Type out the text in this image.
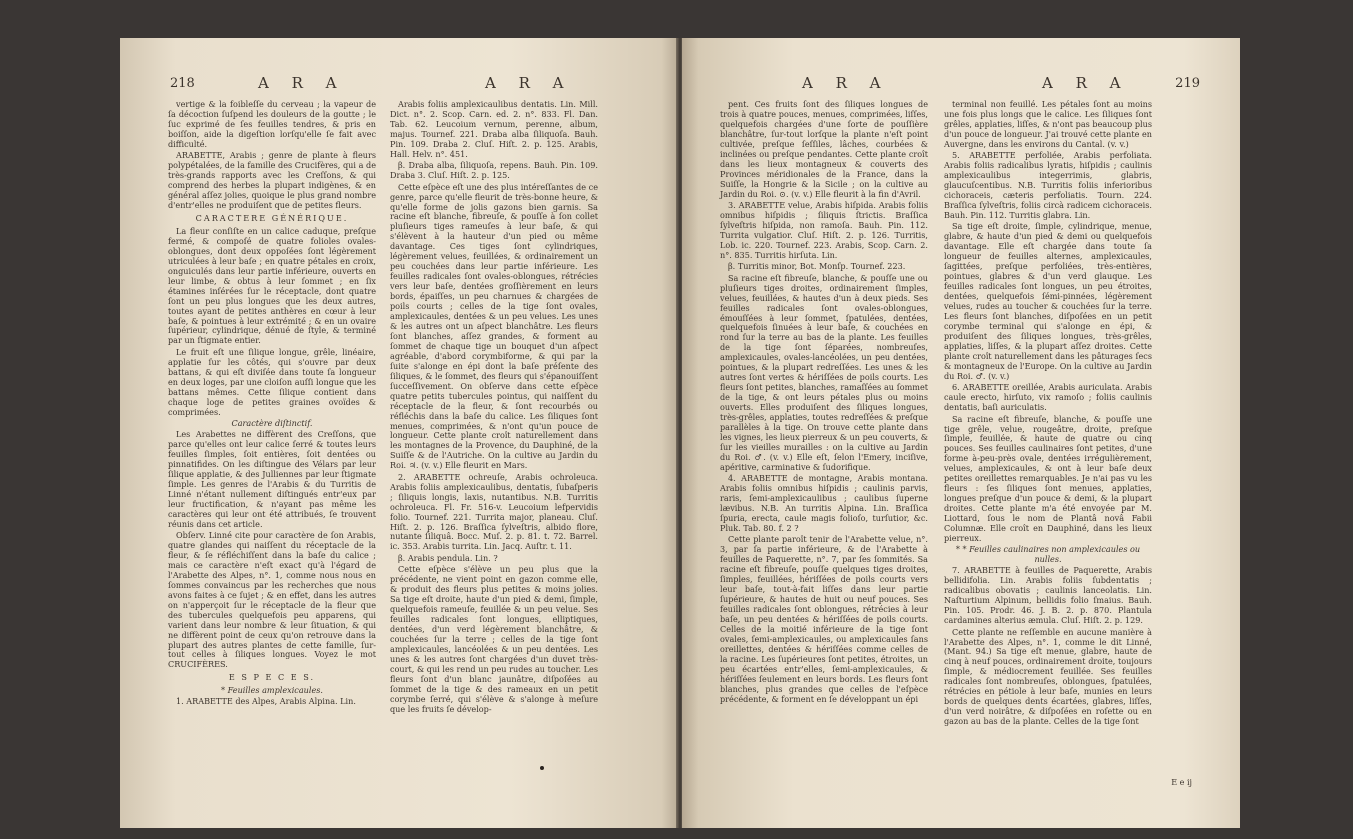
218	A R A	A R A

vertige & la foibleſſe du cerveau ; la vapeur de ſa décoction ſuſpend les douleurs de la goutte ; le ſuc exprimé de ſes feuilles tendres, & pris en boiſſon, aide la digeſtion lorſqu'elle ſe fait avec difficulté.

ARABETTE, Arabis ; genre de plante à fleurs polypétalées, de la famille des Crucifères, qui a de très-grands rapports avec les Creſſons, & qui comprend des herbes la plupart indigènes, & en général aſſez jolies, quoique le plus grand nombre d'entr'elles ne produiſent que de petites fleurs.

CARACTERE GÉNÉRIQUE.

La fleur conſiſte en un calice caduque, preſque fermé, & compoſé de quatre folioles ovales-oblongues, dont deux oppoſées ſont légèrement utriculées à leur baſe ; en quatre pétales en croix, onguiculés dans leur partie inférieure, ouverts en leur limbe, & obtus à leur ſommet ; en ſix étamines inſérées ſur le réceptacle, dont quatre ſont un peu plus longues que les deux autres, toutes ayant de petites anthères en cœur à leur baſe, & pointues à leur extrémité ; & en un ovaire ſupérieur, cylindrique, dénué de ſtyle, & terminé par un ſtigmate entier.

Le fruit eſt une ſilique longue, grêle, linéaire, applatie ſur les côtés, qui s'ouvre par deux battans, & qui eſt diviſée dans toute ſa longueur en deux loges, par une cloiſon auſſi longue que les battans mêmes. Cette ſilique contient dans chaque loge de petites graines ovoïdes & comprimées.

Caractère diſtinctif.

Les Arabettes ne diffèrent des Creſſons, que parce qu'elles ont leur calice ſerré & toutes leurs feuilles ſimples, ſoit entières, ſoit dentées ou pinnatifides. On les diſtingue des Vélars par leur ſilique applatie, & des Julliennes par leur ſtigmate ſimple. Les genres de l'Arabis & du Turritis de Linné n'étant nullement diſtingués entr'eux par leur fructification, & n'ayant pas même les caractères qui leur ont été attribués, ſe trouvent réunis dans cet article.

Obſerv. Linné cite pour caractère de ſon Arabis, quatre glandes qui naiſſent du réceptacle de la fleur, & ſe réfléchiſſent dans la baſe du calice ; mais ce caractère n'eſt exact qu'à l'égard de l'Arabette des Alpes, n°. 1, comme nous nous en ſommes convaincus par les recherches que nous avons faites à ce ſujet ; & en effet, dans les autres on n'apperçoit ſur le réceptacle de la fleur que des tubercules quelquefois peu apparens, qui varient dans leur nombre & leur ſituation, & qui ne diffèrent point de ceux qu'on retrouve dans la plupart des autres plantes de cette famille, ſur-tout celles à ſiliques longues. Voyez le mot CRUCIFÈRES.

E S P E C E S.

* Feuilles amplexicaules.

1. ARABETTE des Alpes, Arabis Alpina. Lin.

Arabis foliis amplexicaulibus dentatis. Lin. Mill. Dict. n°. 2. Scop. Carn. ed. 2. n°. 833. Fl. Dan. Tab. 62. Leucoium vernum, perenne, album, majus. Tournef. 221. Draba alba ſiliquoſa. Bauh. Pin. 109. Draba 2. Cluſ. Hiſt. 2. p. 125. Arabis, Hall. Helv. n°. 451.

β. Draba alba, ſiliquoſa, repens. Bauh. Pin. 109. Draba 3. Cluſ. Hiſt. 2. p. 125.

Cette eſpèce eſt une des plus intéreſſantes de ce genre, parce qu'elle fleurit de très-bonne heure, & qu'elle forme de jolis gazons bien garnis. Sa racine eſt blanche, fibreuſe, & pouſſe à ſon collet pluſieurs tiges rameuſes à leur baſe, & qui s'élèvent à la hauteur d'un pied ou même davantage. Ces tiges ſont cylindriques, légèrement velues, feuillées, & ordinairement un peu couchées dans leur partie inférieure. Les feuilles radicales ſont ovales-oblongues, rétrécies vers leur baſe, dentées groſſièrement en leurs bords, épaiſſes, un peu charnues & chargées de poils courts ; celles de la tige ſont ovales, amplexicaules, dentées & un peu velues. Les unes & les autres ont un aſpect blanchâtre. Les fleurs ſont blanches, aſſez grandes, & forment au ſommet de chaque tige un bouquet d'un aſpect agréable, d'abord corymbiforme, & qui par la ſuite s'alonge en épi dont la baſe préſente des ſiliques, & le ſommet, des fleurs qui s'épanouiſſent ſucceſſivement. On obſerve dans cette eſpèce quatre petits tubercules pointus, qui naiſſent du réceptacle de la fleur, & ſont recourbés ou réfléchis dans la baſe du calice. Les ſiliques ſont menues, comprimées, & n'ont qu'un pouce de longueur. Cette plante croît naturellement dans les montagnes de la Provence, du Dauphiné, de la Suiſſe & de l'Autriche. On la cultive au Jardin du Roi. ♃. (v. v.) Elle fleurit en Mars.

2. ARABETTE ochreuſe, Arabis ochroleuca. Arabis foliis amplexicaulibus, dentatis, ſubaſperis ; ſiliquis longis, laxis, nutantibus. N.B. Turritis ochroleuca. Fl. Fr. 516-v. Leucoium lefpervidis folio. Tournef. 221. Turrita major, planeau. Cluſ. Hiſt. 2. p. 126. Braſſica ſylveſtris, albido flore, nutante ſiliquâ. Bocc. Muſ. 2. p. 81. t. 72. Barrel. ic. 353. Arabis turrita. Lin. Jacq. Auſtr. t. 11.

β. Arabis pendula. Lin. ?

Cette eſpèce s'élève un peu plus que la précédente, ne vient point en gazon comme elle, & produit des fleurs plus petites & moins jolies. Sa tige eſt droite, haute d'un pied & demi, ſimple, quelquefois rameuſe, feuillée & un peu velue. Ses feuilles radicales ſont longues, elliptiques, dentées, d'un verd légèrement blanchâtre, & couchées ſur la terre ; celles de la tige ſont amplexicaules, lancéolées & un peu dentées. Les unes & les autres ſont chargées d'un duvet très-court, & qui les rend un peu rudes au toucher. Les fleurs ſont d'un blanc jaunâtre, diſpoſées au ſommet de la tige & des rameaux en un petit corymbe ſerré, qui s'élève & s'alonge à meſure que les fruits ſe dévelop-

A R A	A R A	219

pent. Ces fruits ſont des ſiliques longues de trois à quatre pouces, menues, comprimées, liſſes, quelquefois chargées d'une ſorte de pouſſière blanchâtre, ſur-tout lorſque la plante n'eſt point cultivée, preſque ſeſſiles, lâches, courbées & inclinées ou preſque pendantes. Cette plante croît dans les lieux montagneux & couverts des Provinces méridionales de la France, dans la Suiſſe, la Hongrie & la Sicile ; on la cultive au Jardin du Roi. ⊙. (v. v.) Elle fleurit à la fin d'Avril.

3. ARABETTE velue, Arabis hiſpida. Arabis foliis omnibus hiſpidis ; ſiliquis ſtrictis. Braſſica ſylveſtris hiſpida, non ramoſa. Bauh. Pin. 112. Turrita vulgatior. Cluſ. Hiſt. 2. p. 126. Turritis, Lob. ic. 220. Tournef. 223. Arabis, Scop. Carn. 2. n°. 835. Turritis hirſuta. Lin.

β. Turritis minor, Bot. Monſp. Tournef. 223.

Sa racine eſt fibreuſe, blanche, & pouſſe une ou pluſieurs tiges droites, ordinairement ſimples, velues, feuillées, & hautes d'un à deux pieds. Ses feuilles radicales ſont ovales-oblongues, émouſſées à leur ſommet, ſpatulées, dentées, quelquefois ſinuées à leur baſe, & couchées en rond ſur la terre au bas de la plante. Les feuilles de la tige ſont ſéparées, nombreuſes, amplexicaules, ovales-lancéolées, un peu dentées, pointues, & la plupart redreſſées. Les unes & les autres ſont vertes & hériſſées de poils courts. Les fleurs ſont petites, blanches, ramaſſées au ſommet de la tige, & ont leurs pétales plus ou moins ouverts. Elles produiſent des ſiliques longues, très-grêles, applaties, toutes redreſſées & preſque parallèles à la tige. On trouve cette plante dans les vignes, les lieux pierreux & un peu couverts, & ſur les vieilles murailles : on la cultive au Jardin du Roi. ♂. (v. v.) Elle eſt, ſelon l'Emery, inciſive, apéritive, carminative & ſudorifique.

4. ARABETTE de montagne, Arabis montana. Arabis foliis omnibus hiſpidis ; caulinis parvis, raris, ſemi-amplexicaulibus ; caulibus ſuperne lævibus. N.B. An turritis Alpina. Lin. Braſſica ſpuria, erecta, caule magis folioſo, turſutior, &c. Pluk. Tab. 80. f. 2 ?

Cette plante paroît tenir de l'Arabette velue, n°. 3, par ſa partie inférieure, & de l'Arabette à feuilles de Paquerette, n°. 7, par ſes ſommités. Sa racine eſt fibreuſe, pouſſe quelques tiges droites, ſimples, feuillées, hériſſées de poils courts vers leur baſe, tout-à-fait liſſes dans leur partie ſupérieure, & hautes de huit ou neuf pouces. Ses feuilles radicales ſont oblongues, rétrécies à leur baſe, un peu dentées & hériſſées de poils courts. Celles de la moitié inférieure de la tige ſont ovales, ſemi-amplexicaules, ou amplexicaules ſans oreillettes, dentées & hériſſées comme celles de la racine. Les ſupérieures ſont petites, étroites, un peu écartées entr'elles, ſemi-amplexicaules, & hériſſées ſeulement en leurs bords. Les fleurs ſont blanches, plus grandes que celles de l'eſpèce précédente, & forment en ſe développant un épi

terminal non feuillé. Les pétales ſont au moins une fois plus longs que le calice. Les ſiliques ſont grêles, applaties, liſſes, & n'ont pas beaucoup plus d'un pouce de longueur. J'ai trouvé cette plante en Auvergne, dans les environs du Cantal. (v. v.)

5. ARABETTE perfoliée, Arabis perfoliata. Arabis foliis radicalibus lyratis, hiſpidis ; caulinis amplexicaulibus integerrimis, glabris, glaucuſcentibus. N.B. Turritis foliis inferioribus cichoraceis, cæteris perfoliatis. Tourn. 224. Braſſica ſylveſtris, foliis circà radicem cichoraceis. Bauh. Pin. 112. Turritis glabra. Lin.

Sa tige eſt droite, ſimple, cylindrique, menue, glabre, & haute d'un pied & demi ou quelquefois davantage. Elle eſt chargée dans toute ſa longueur de feuilles alternes, amplexicaules, ſagittées, preſque perfoliées, très-entières, pointues, glabres & d'un verd glauque. Les feuilles radicales ſont longues, un peu étroites, dentées, quelquefois ſémi-pinnées, légèrement velues, rudes au toucher & couchées ſur la terre. Les fleurs ſont blanches, diſpoſées en un petit corymbe terminal qui s'alonge en épi, & produiſent des ſiliques longues, très-grêles, applaties, liſſes, & la plupart aſſez droites. Cette plante croît naturellement dans les pâturages ſecs & montagneux de l'Europe. On la cultive au Jardin du Roi. ♂. (v. v.)

6. ARABETTE oreillée, Arabis auriculata. Arabis caule erecto, hirſuto, vix ramoſo ; foliis caulinis dentatis, baſi auriculatis.

Sa racine eſt fibreuſe, blanche, & pouſſe une tige grêle, velue, rougeâtre, droite, preſque ſimple, feuillée, & haute de quatre ou cinq pouces. Ses feuilles caulinaires ſont petites, d'une forme à-peu-près ovale, dentées irrégulièrement, velues, amplexicaules, & ont à leur baſe deux petites oreillettes remarquables. Je n'ai pas vu les fleurs : ſes ſiliques ſont menues, applaties, longues preſque d'un pouce & demi, & la plupart droites. Cette plante m'a été envoyée par M. Liottard, ſous le nom de Plantâ novâ Fabii Columnæ. Elle croît en Dauphiné, dans les lieux pierreux.

* * Feuilles caulinaires non amplexicaules ou nulles.

7. ARABETTE à feuilles de Paquerette, Arabis bellidifolia. Lin. Arabis foliis ſubdentatis ; radicalibus obovatis ; caulinis lanceolatis. Lin. Naſturtium Alpinum, bellidis folio ſmaius. Bauh. Pin. 105. Prodr. 46. J. B. 2. p. 870. Plantula cardamines alterius æmula. Cluſ. Hiſt. 2. p. 129.

Cette plante ne reſſemble en aucune manière à l'Arabette des Alpes, n°. 1, comme le dit Linné, (Mant. 94.) Sa tige eſt menue, glabre, haute de cinq à neuf pouces, ordinairement droite, toujours ſimple, & médiocrement feuillée. Ses feuilles radicales ſont nombreuſes, oblongues, ſpatulées, rétrécies en pétiole à leur baſe, munies en leurs bords de quelques dents écartées, glabres, liſſes, d'un verd noirâtre, & diſpoſées en roſette ou en gazon au bas de la plante. Celles de la tige ſont

E e ij
